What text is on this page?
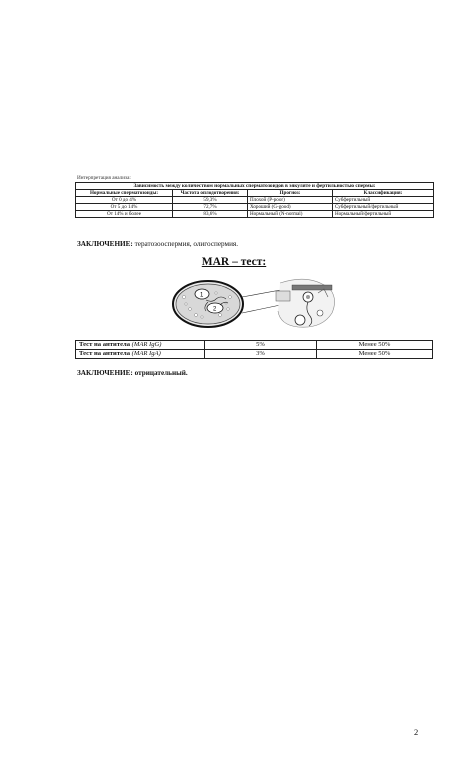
Интерпретация анализа:
Зависимость между количеством нормальных сперматозоидов в эякуляте и фертильностью спермы:			
Нормальные сперматозоиды:	Частота оплодотворения:	Прогноз:	Классификация:
От 0 до 4%	59,3%	Плохой (P-poor)	Субфертильный
От 5 до 14%	72,7%	Хороший (G-good)	Субфертильный/фертильный
От 14% и более	83,6%	Нормальный (N-normal)	Нормальный/фертильный
ЗАКЛЮЧЕНИЕ: тератозооспермия, олигоспермия.
MAR – тест:
1
2
Тест на антитела (MAR IgG)	5%	Менее 50%
Тест на антитела (MAR IgA)	3%	Менее 50%
ЗАКЛЮЧЕНИЕ: отрицательный.
2
